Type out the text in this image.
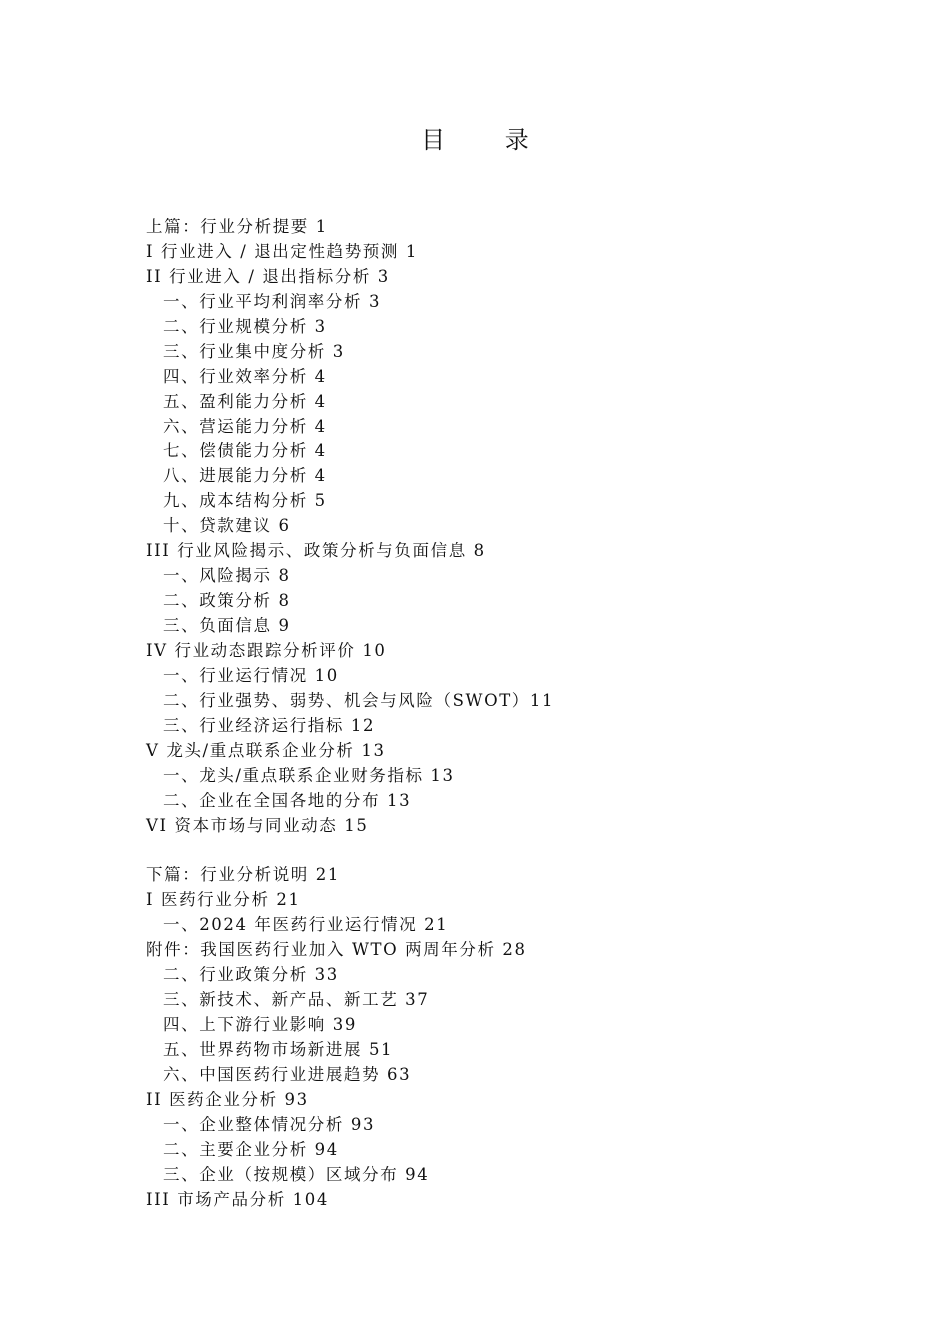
目 录
上篇：行业分析提要 1
I 行业进入 / 退出定性趋势预测 1
II 行业进入 / 退出指标分析 3
一、行业平均利润率分析 3
二、行业规模分析 3
三、行业集中度分析 3
四、行业效率分析 4
五、盈利能力分析 4
六、营运能力分析 4
七、偿债能力分析 4
八、进展能力分析 4
九、成本结构分析 5
十、贷款建议 6
III 行业风险揭示、政策分析与负面信息 8
一、风险揭示 8
二、政策分析 8
三、负面信息 9
IV 行业动态跟踪分析评价 10
一、行业运行情况 10
二、行业强势、弱势、机会与风险（SWOT）11
三、行业经济运行指标 12
V 龙头/重点联系企业分析 13
一、龙头/重点联系企业财务指标 13
二、企业在全国各地的分布 13
VI 资本市场与同业动态 15
下篇：行业分析说明 21
I 医药行业分析 21
一、2024 年医药行业运行情况 21
附件：我国医药行业加入 WTO 两周年分析 28
二、行业政策分析 33
三、新技术、新产品、新工艺 37
四、上下游行业影响 39
五、世界药物市场新进展 51
六、中国医药行业进展趋势 63
II 医药企业分析 93
一、企业整体情况分析 93
二、主要企业分析 94
三、企业（按规模）区域分布 94
III 市场产品分析 104
